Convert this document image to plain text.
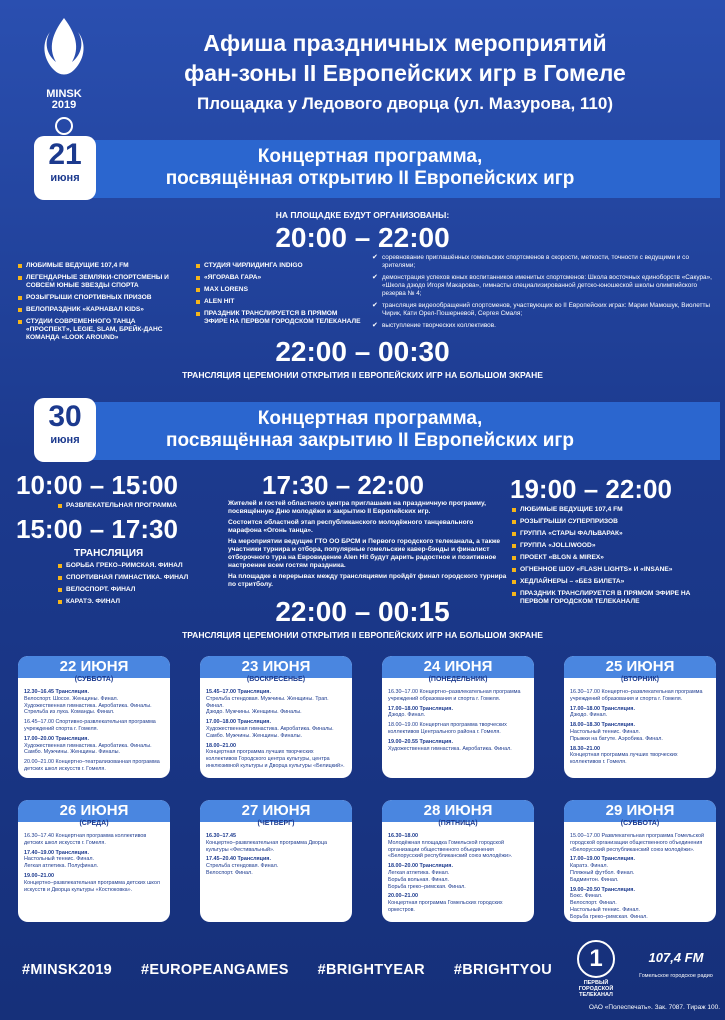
MINSK 2019
Афиша праздничных мероприятий
фан-зоны II Европейских игр в Гомеле
Площадка у Ледового дворца (ул. Мазурова, 110)
21
июня
Концертная программа,
посвящённая открытию II Европейских игр
НА ПЛОЩАДКЕ БУДУТ ОРГАНИЗОВАНЫ:
20:00 – 22:00
ЛЮБИМЫЕ ВЕДУЩИЕ 107,4 FM
ЛЕГЕНДАРНЫЕ ЗЕМЛЯКИ-СПОРТСМЕНЫ И СОВСЕМ ЮНЫЕ ЗВЕЗДЫ СПОРТА
РОЗЫГРЫШИ СПОРТИВНЫХ ПРИЗОВ
ВЕЛОПРАЗДНИК «КАРНАВАЛ KIDS»
СТУДИИ СОВРЕМЕННОГО ТАНЦА «ПРОСПЕКТ», LEGIE, SLAM, БРЕЙК-ДАНС КОМАНДА «LOOK AROUND»
СТУДИЯ ЧИРЛИДИНГА INDIGO
«ЯГОРАВА ГАРА»
MAX LORENS
ALEN HIT
ПРАЗДНИК ТРАНСЛИРУЕТСЯ В ПРЯМОМ ЭФИРЕ НА ПЕРВОМ ГОРОДСКОМ ТЕЛЕКАНАЛЕ
✔ соревнование приглашённых гомельских спортсменов в скорости, меткости, точности с ведущими и со зрителями;
✔ демонстрация успехов юных воспитанников именитых спортсменов: Школа восточных единоборств «Сакура», «Школа дзюдо Игоря Макарова», гимнасты специализированной детско-юношеской школы олимпийского резерва № 4;
✔ трансляция видеообращений спортсменов, участвующих во II Европейских играх: Марии Мамошук, Виолетты Чирик, Кати Орел-Пошерневой, Сергея Смаля;
✔ выступление творческих коллективов.
22:00 – 00:30
ТРАНСЛЯЦИЯ ЦЕРЕМОНИИ ОТКРЫТИЯ II ЕВРОПЕЙСКИХ ИГР НА БОЛЬШОМ ЭКРАНЕ
30
июня
Концертная программа,
посвящённая закрытию II Европейских игр
10:00 – 15:00
РАЗВЛЕКАТЕЛЬНАЯ ПРОГРАММА
15:00 – 17:30
ТРАНСЛЯЦИЯ
БОРЬБА ГРЕКО–РИМСКАЯ. ФИНАЛ
СПОРТИВНАЯ ГИМНАСТИКА. ФИНАЛ
ВЕЛОСПОРТ. ФИНАЛ
КАРАТЭ. ФИНАЛ
17:30 – 22:00

Жителей и гостей областного центра приглашаем на праздничную программу, посвящённую Дню молодёжи и закрытию II Европейских игр.

Состоится областной этап республиканского молодёжного танцевального марафона «Огонь танца».

На мероприятии ведущие ГТО ОО БРСМ и Первого городского телеканала, а также участники турнира и отбора, популярные гомельские кавер-бэнды и финалист отборочного тура на Евровидение Alen Hit будут дарить радостное и позитивное настроение всем гостям праздника.

На площадке в перерывах между трансляциями пройдёт финал городского турнира по стритболу.

19:00 – 22:00
ЛЮБИМЫЕ ВЕДУЩИЕ 107,4 FM
РОЗЫГРЫШИ СУПЕРПРИЗОВ
ГРУППА «СТАРЫ ФАЛЬВАРАК»
ГРУППА «JOLLIWOOD»
ПРОЕКТ «BLGN & MIREX»
ОГНЕННОЕ ШОУ «FLASH LIGHTS» И «INSANE»
ХЕДЛАЙНЕРЫ – «БЕЗ БИЛЕТА»
ПРАЗДНИК ТРАНСЛИРУЕТСЯ В ПРЯМОМ ЭФИРЕ НА ПЕРВОМ ГОРОДСКОМ ТЕЛЕКАНАЛЕ
22:00 – 00:15
ТРАНСЛЯЦИЯ ЦЕРЕМОНИИ ОТКРЫТИЯ II ЕВРОПЕЙСКИХ ИГР НА БОЛЬШОМ ЭКРАНЕ
22 ИЮНЯ
(СУББОТА)
12.30–16.45 Трансляция.
Велоспорт. Шоссе. Женщины. Финал.
Художественная гимнастика. Акробатика. Финалы.
Стрельба из лука. Команды. Финал.
16.45–17.00 Спортивно-развлекательная программа учреждений спорта г. Гомеля.
17.00–20.00 Трансляция.
Художественная гимнастика. Акробатика. Финалы.
Самбо. Мужчины. Женщины. Финалы.
20.00–21.00 Концертно–театрализованная программа детских школ искусств г. Гомеля.
23 ИЮНЯ
(ВОСКРЕСЕНЬЕ)
15.45–17.00 Трансляция.
Стрельба стендовая. Мужчины. Женщины. Трап. Финал.
Дзюдо. Мужчины. Женщины. Финалы.
17.00–18.00 Трансляция.
Художественная гимнастика. Акробатика. Финалы.
Самбо. Мужчины. Женщины. Финалы.
18.00–21.00
Концертная программа лучших творческих коллективов Городского центра культуры, центра инклюзивной культуры и Дворца культуры «Белицкий».
24 ИЮНЯ
(ПОНЕДЕЛЬНИК)
16.30–17.00 Концертно–развлекательная программа учреждений образования и спорта г. Гомеля.
17.00–18.00 Трансляция.
Дзюдо. Финал.
18.00–19.00 Концертная программа творческих коллективов Центрального района г. Гомеля.
19.00–20.55 Трансляция.
Художественная гимнастика. Акробатика. Финал.
25 ИЮНЯ
(ВТОРНИК)
16.30–17.00 Концертно–развлекательная программа учреждений образования и спорта г. Гомеля.
17.00–18.00 Трансляция.
Дзюдо. Финал.
18.00–18.30 Трансляция.
Настольный теннис. Финал.
Прыжки на батуте. Аэробика. Финал.
18.30–21.00
Концертная программа лучших творческих коллективов г. Гомеля.
26 ИЮНЯ
(СРЕДА)
16.30–17.40 Концертная программа коллективов детских школ искусств г. Гомеля.
17.40–19.00 Трансляция.
Настольный теннис. Финал.
Легкая атлетика. Полуфинал.
19.00–21.00
Концертно–развлекательная программа детских школ искусств и Дворца культуры «Костюковка».
27 ИЮНЯ
(ЧЕТВЕРГ)
16.30–17.45
Концертно–развлекательная программа Дворца культуры «Фестивальный».
17.45–20.40 Трансляция.
Стрельба стендовая. Финал.
Велоспорт. Финал.
28 ИЮНЯ
(ПЯТНИЦА)
16.30–18.00
Молодёжная площадка Гомельской городской организации общественного объединения «Белорусский республиканский союз молодёжи».
18.00–20.00 Трансляция.
Легкая атлетика. Финал.
Борьба вольная. Финал.
Борьба греко–римская. Финал.
20.00–21.00
Концертная программа Гомельских городских оркестров.
29 ИЮНЯ
(СУББОТА)
15.00–17.00 Развлекательная программа Гомельской городской организации общественного объединения «Белорусский республиканский союз молодёжи».
17.00–19.00 Трансляция.
Каратэ. Финал.
Пляжный футбол. Финал.
Бадминтон. Финал.
19.00–20.50 Трансляция.
Бокс. Финал.
Велоспорт. Финал.
Настольный теннис. Финал.
Борьба греко–римская. Финал.
#MINSK2019 #EUROPEANGAMES #BRIGHTYEAR #BRIGHTYOU	1
ПЕРВЫЙ ГОРОДСКОЙ
ТЕЛЕКАНАЛ
107,4 FM
Гомельское городское радио
ОАО «Полеспечать». Зак. 7087. Тираж 100.
